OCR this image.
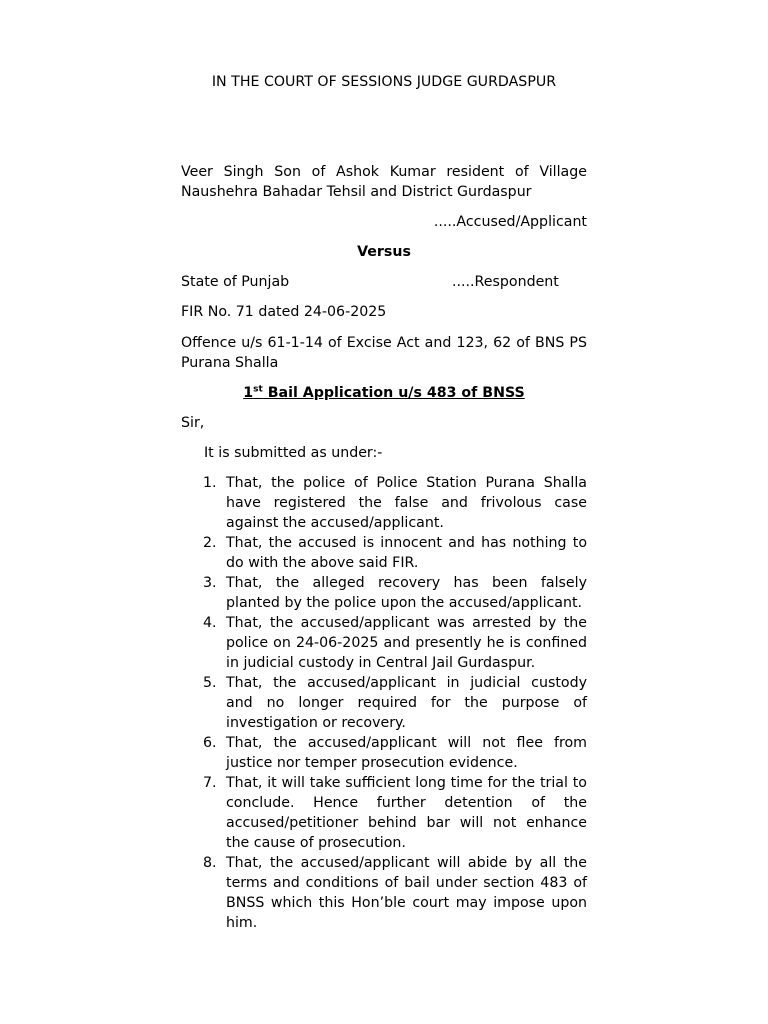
IN THE COURT OF SESSIONS JUDGE GURDASPUR
Veer Singh Son of Ashok Kumar resident of Village Naushehra Bahadar Tehsil and District Gurdaspur
.....Accused/Applicant
Versus
State of Punjab	.....Respondent
FIR No. 71 dated 24-06-2025
Offence u/s 61-1-14 of Excise Act and 123, 62 of BNS PS Purana Shalla
1st Bail Application u/s 483 of BNSS
Sir,
It is submitted as under:-
1. That, the police of Police Station Purana Shalla have registered the false and frivolous case against the accused/applicant.
2. That, the accused is innocent and has nothing to do with the above said FIR.
3. That, the alleged recovery has been falsely planted by the police upon the accused/applicant.
4. That, the accused/applicant was arrested by the police on 24-06-2025 and presently he is confined in judicial custody in Central Jail Gurdaspur.
5. That, the accused/applicant in judicial custody and no longer required for the purpose of investigation or recovery.
6. That, the accused/applicant will not flee from justice nor temper prosecution evidence.
7. That, it will take sufficient long time for the trial to conclude. Hence further detention of the accused/petitioner behind bar will not enhance the cause of prosecution.
8. That, the accused/applicant will abide by all the terms and conditions of bail under section 483 of BNSS which this Hon’ble court may impose upon him.
